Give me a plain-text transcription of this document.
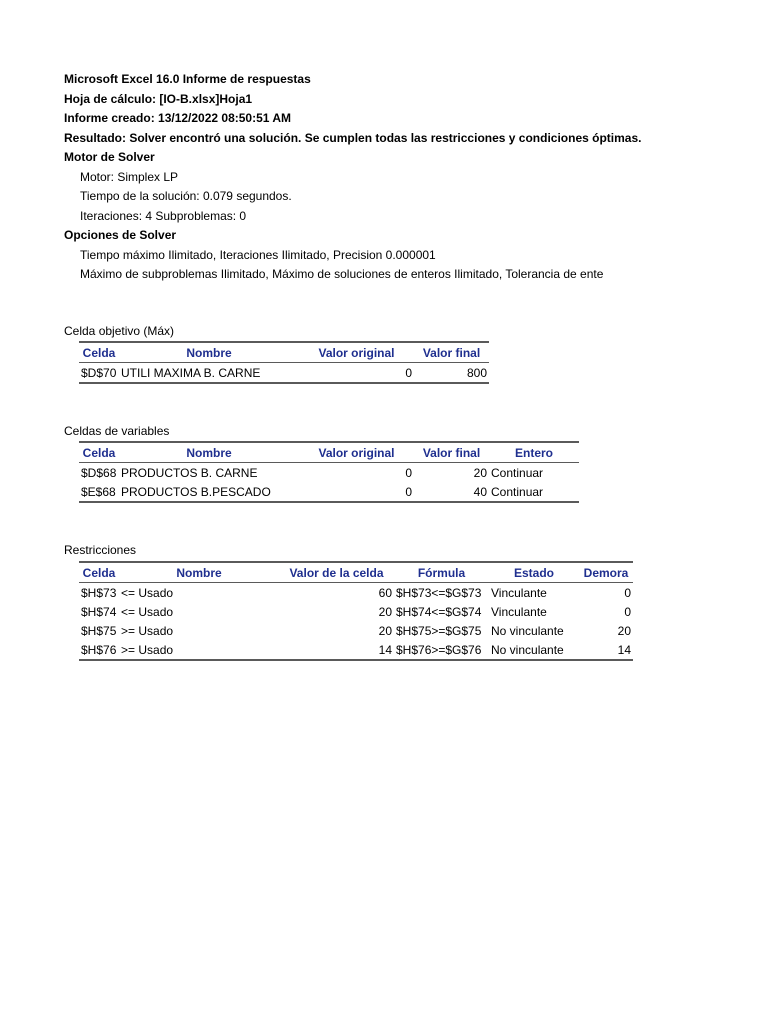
Microsoft Excel 16.0 Informe de respuestas
Hoja de cálculo: [IO-B.xlsx]Hoja1
Informe creado: 13/12/2022 08:50:51 AM
Resultado: Solver encontró una solución. Se cumplen todas las restricciones y condiciones óptimas.
Motor de Solver
Motor: Simplex LP
Tiempo de la solución: 0.079 segundos.
Iteraciones: 4 Subproblemas: 0
Opciones de Solver
Tiempo máximo Ilimitado, Iteraciones Ilimitado, Precision 0.000001
Máximo de subproblemas Ilimitado, Máximo de soluciones de enteros Ilimitado, Tolerancia de ente
Celda objetivo (Máx)
Celda	Nombre	Valor original	Valor final
$D$70	UTILI MAXIMA B. CARNE	0	800
Celdas de variables
Celda	Nombre	Valor original	Valor final	Entero
$D$68	PRODUCTOS B. CARNE	0	20	Continuar
$E$68	PRODUCTOS B.PESCADO	0	40	Continuar
Restricciones
Celda	Nombre	Valor de la celda	Fórmula	Estado	Demora
$H$73	<= Usado	60	$H$73<=$G$73	Vinculante	0
$H$74	<= Usado	20	$H$74<=$G$74	Vinculante	0
$H$75	>= Usado	20	$H$75>=$G$75	No vinculante	20
$H$76	>= Usado	14	$H$76>=$G$76	No vinculante	14
